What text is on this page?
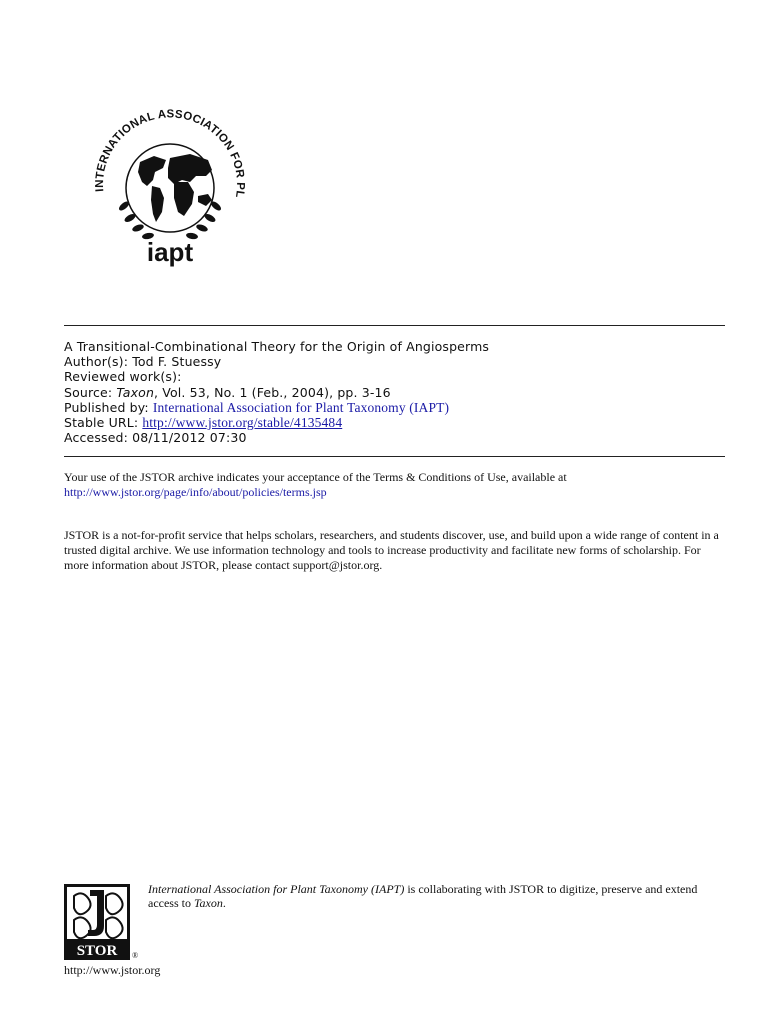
INTERNATIONAL ASSOCIATION FOR PL
iapt
A Transitional-Combinational Theory for the Origin of Angiosperms
Author(s): Tod F. Stuessy
Reviewed work(s):
Source: Taxon, Vol. 53, No. 1 (Feb., 2004), pp. 3-16
Published by: International Association for Plant Taxonomy (IAPT)
Stable URL: http://www.jstor.org/stable/4135484
Accessed: 08/11/2012 07:30
Your use of the JSTOR archive indicates your acceptance of the Terms & Conditions of Use, available at
http://www.jstor.org/page/info/about/policies/terms.jsp
JSTOR is a not-for-profit service that helps scholars, researchers, and students discover, use, and build upon a wide range of content in a trusted digital archive. We use information technology and tools to increase productivity and facilitate new forms of scholarship. For more information about JSTOR, please contact support@jstor.org.
STOR ®
International Association for Plant Taxonomy (IAPT) is collaborating with JSTOR to digitize, preserve and extend access to Taxon.
http://www.jstor.org
